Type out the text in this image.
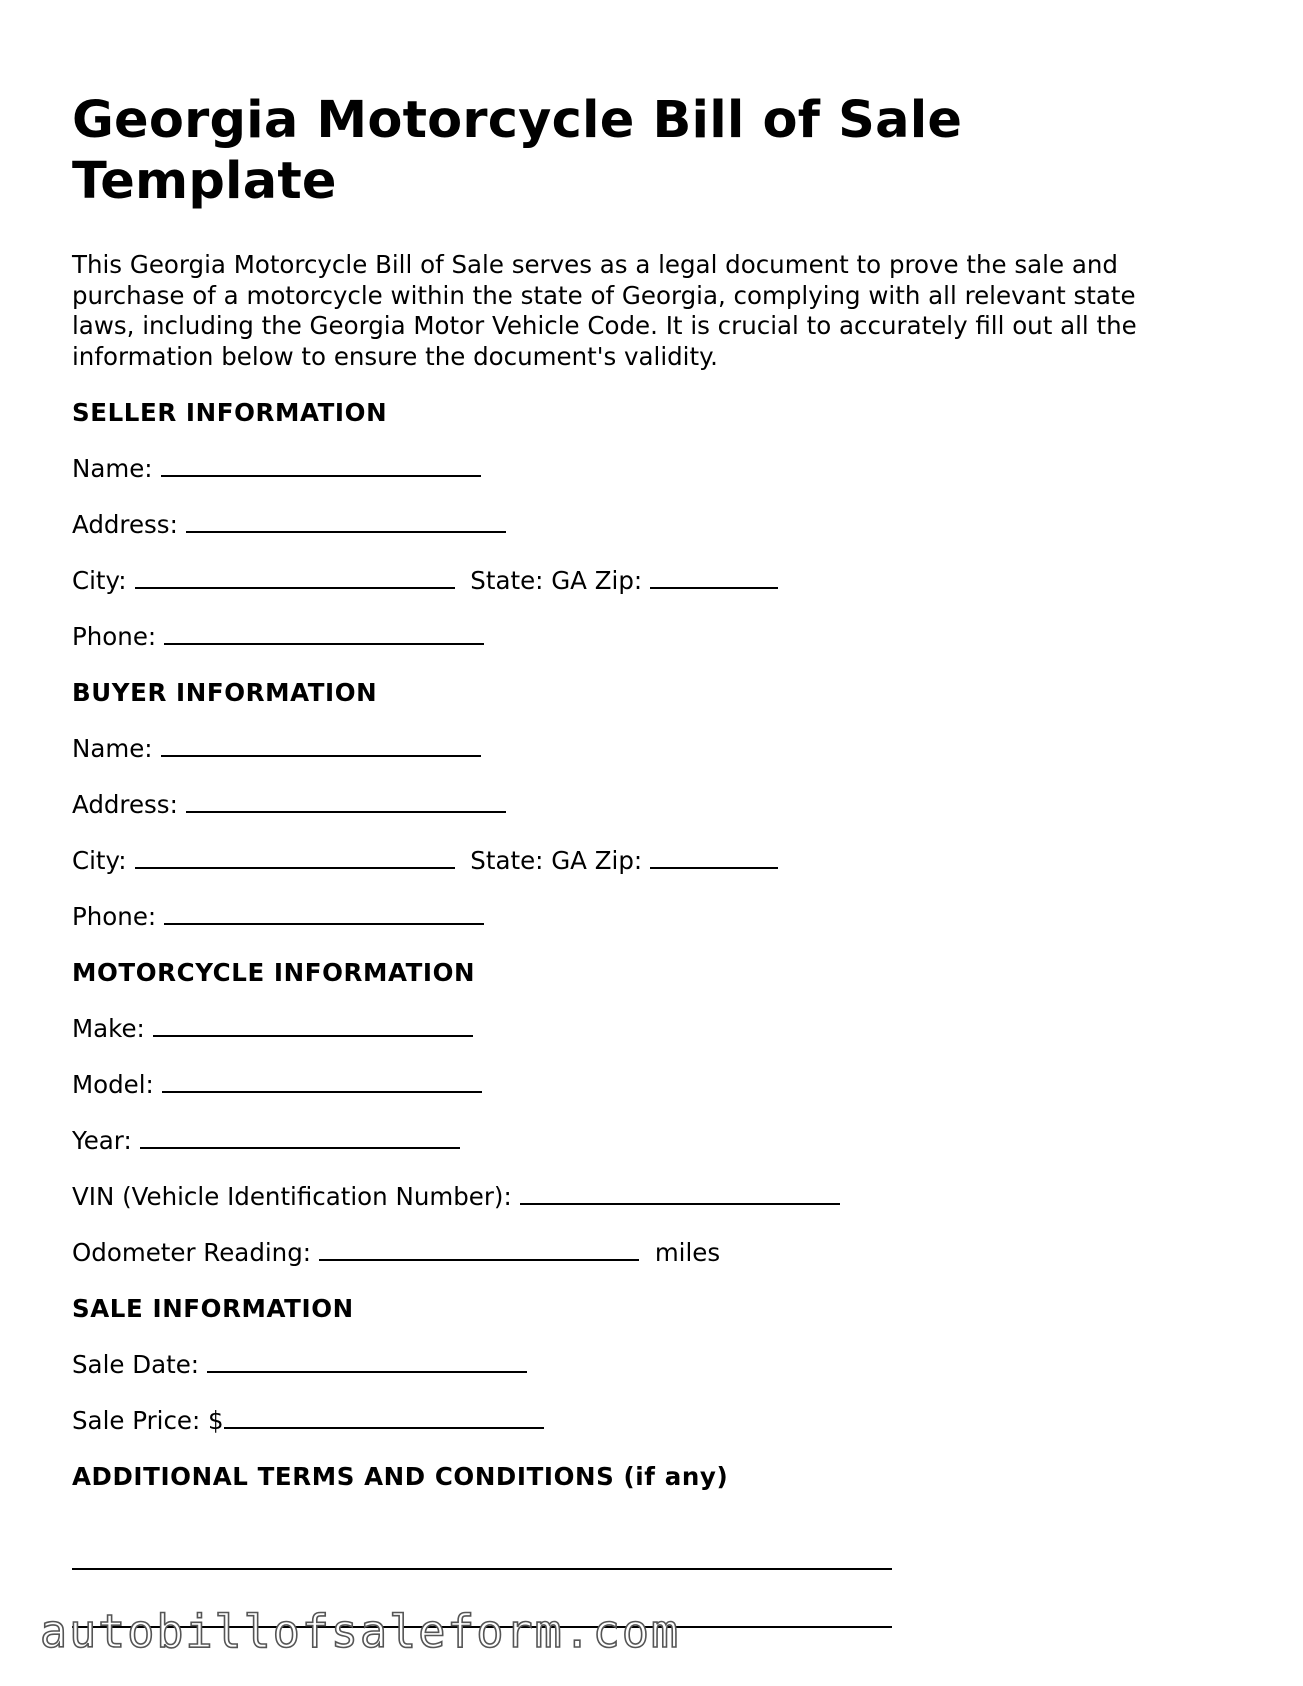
Georgia Motorcycle Bill of Sale Template

This Georgia Motorcycle Bill of Sale serves as a legal document to prove the sale and purchase of a motorcycle within the state of Georgia, complying with all relevant state laws, including the Georgia Motor Vehicle Code. It is crucial to accurately fill out all the information below to ensure the document's validity.

SELLER INFORMATION
Name:
Address:
City:	State: GA Zip:
Phone:
BUYER INFORMATION
Name:
Address:
City:	State: GA Zip:
Phone:
MOTORCYCLE INFORMATION
Make:
Model:
Year:
VIN (Vehicle Identification Number):
Odometer Reading:	miles
SALE INFORMATION
Sale Date:
Sale Price: $
ADDITIONAL TERMS AND CONDITIONS (if any)
autobillofsaleform.com
